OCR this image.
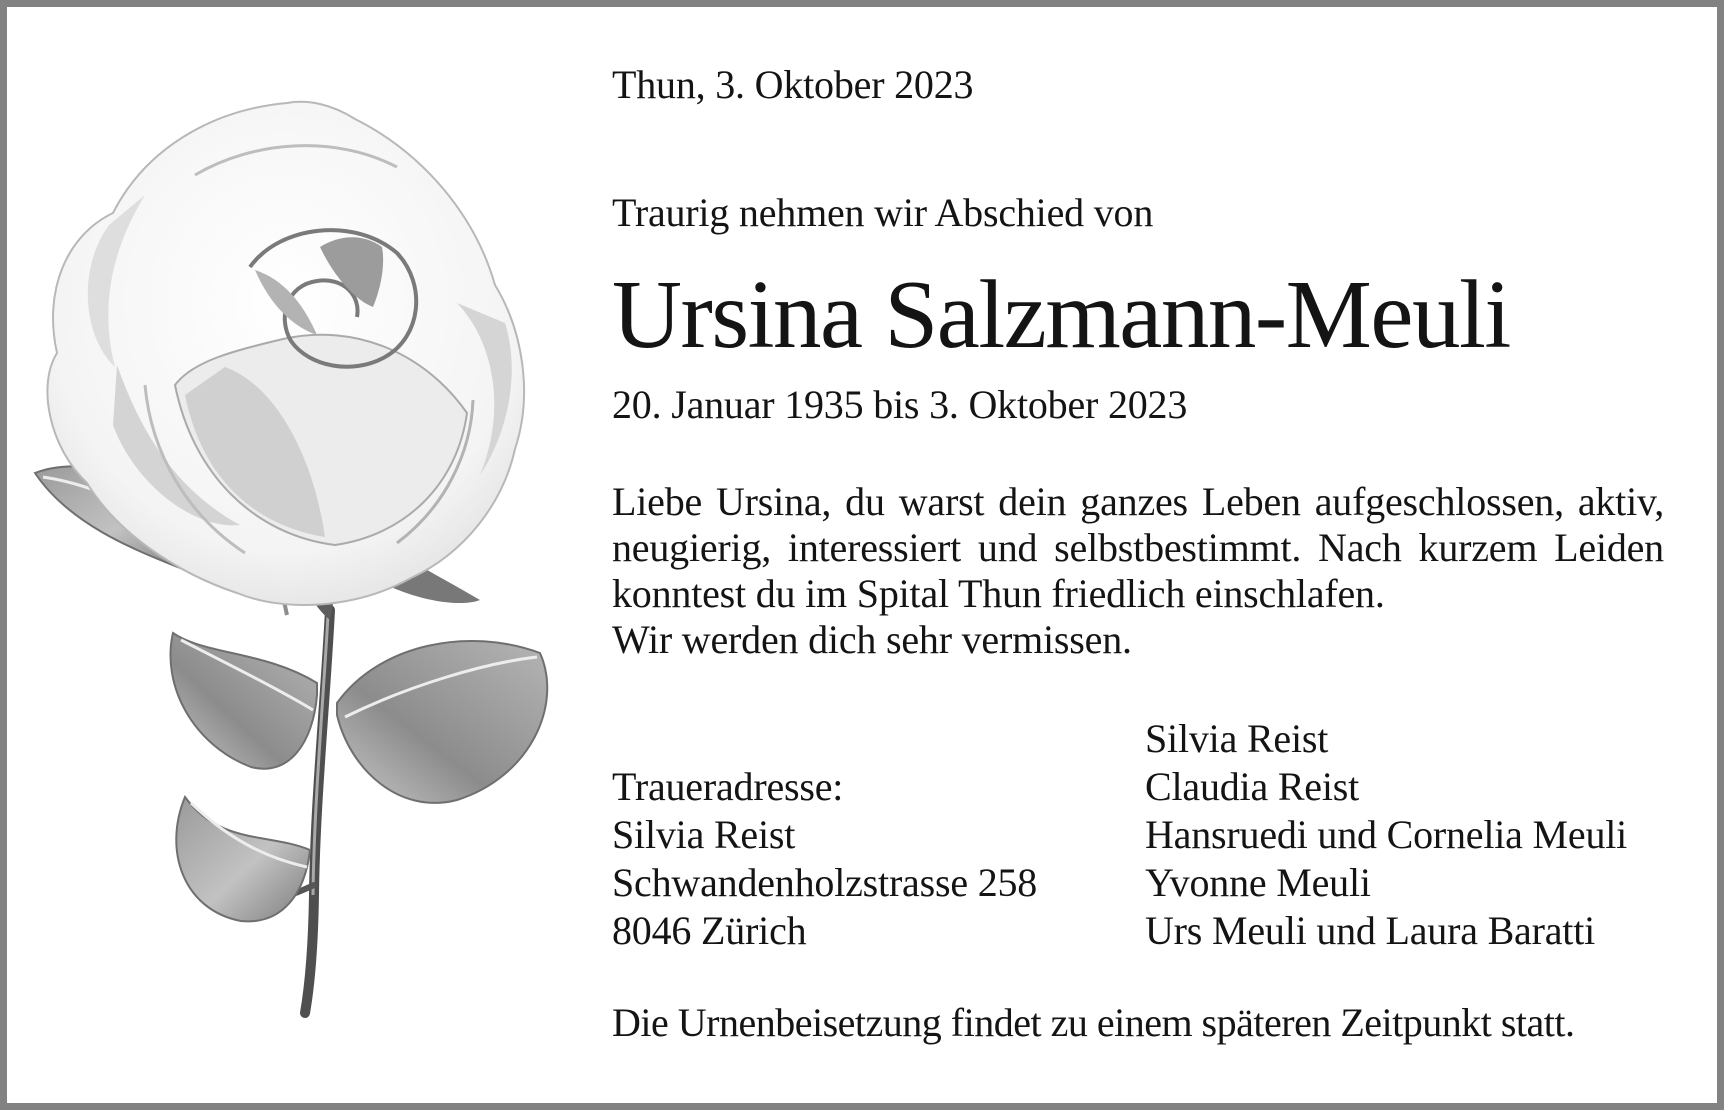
Thun, 3. Oktober 2023
Traurig nehmen wir Abschied von
Ursina Salzmann-Meuli
20. Januar 1935 bis 3. Oktober 2023
Liebe Ursina, du warst dein ganzes Leben aufgeschlossen, aktiv, neugierig, interessiert und selbstbestimmt. Nach kurzem Leiden konntest du im Spital Thun friedlich einschlafen.
Wir werden dich sehr vermissen.
Silvia Reist
Claudia Reist
Hansruedi und Cornelia Meuli
Yvonne Meuli
Urs Meuli und Laura Baratti
Traueradresse:
Silvia Reist
Schwandenholzstrasse 258
8046 Zürich
Die Urnenbeisetzung findet zu einem späteren Zeitpunkt statt.
